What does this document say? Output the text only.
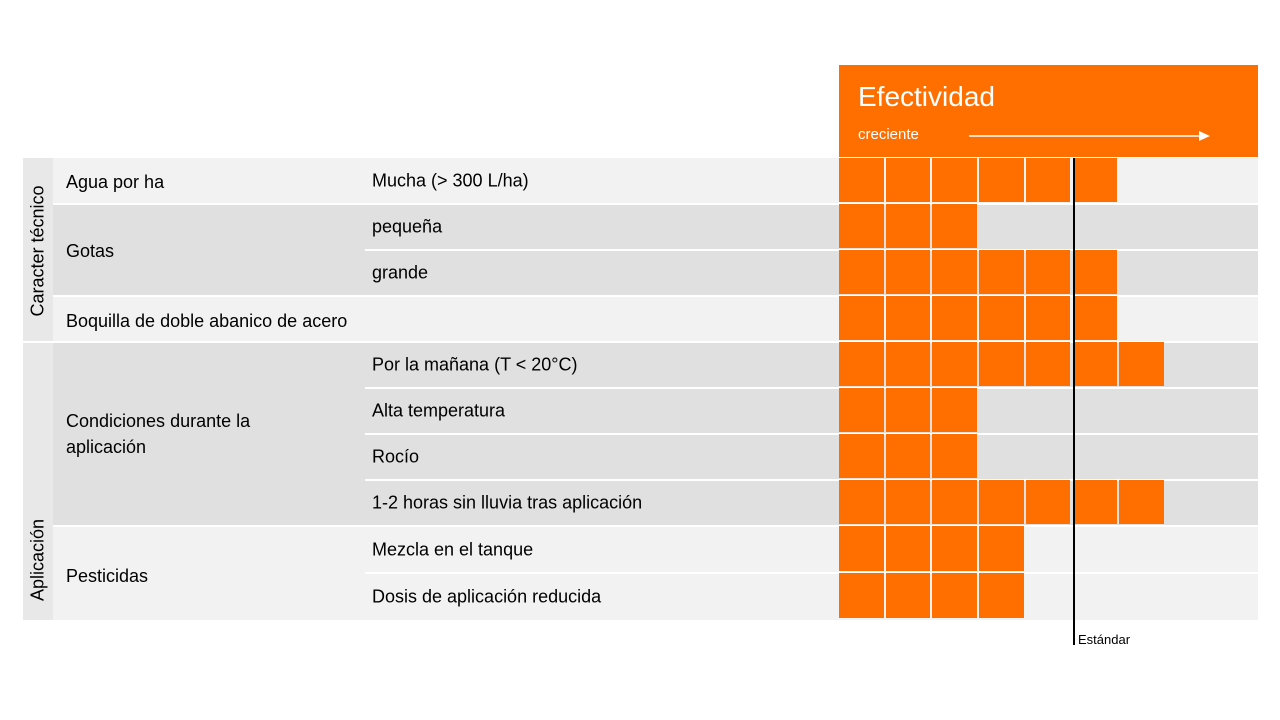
Efectividad
creciente
Caracter técnico
Aplicación
Agua por ha
Gotas
Boquilla de doble abanico de acero
Condiciones durante la aplicación
Pesticidas
Mucha (> 300 L/ha)
pequeña
grande
Por la mañana (T < 20°C)
Alta temperatura
Rocío
1-2 horas sin lluvia tras aplicación
Mezcla en el tanque
Dosis de aplicación reducida
Estándar
